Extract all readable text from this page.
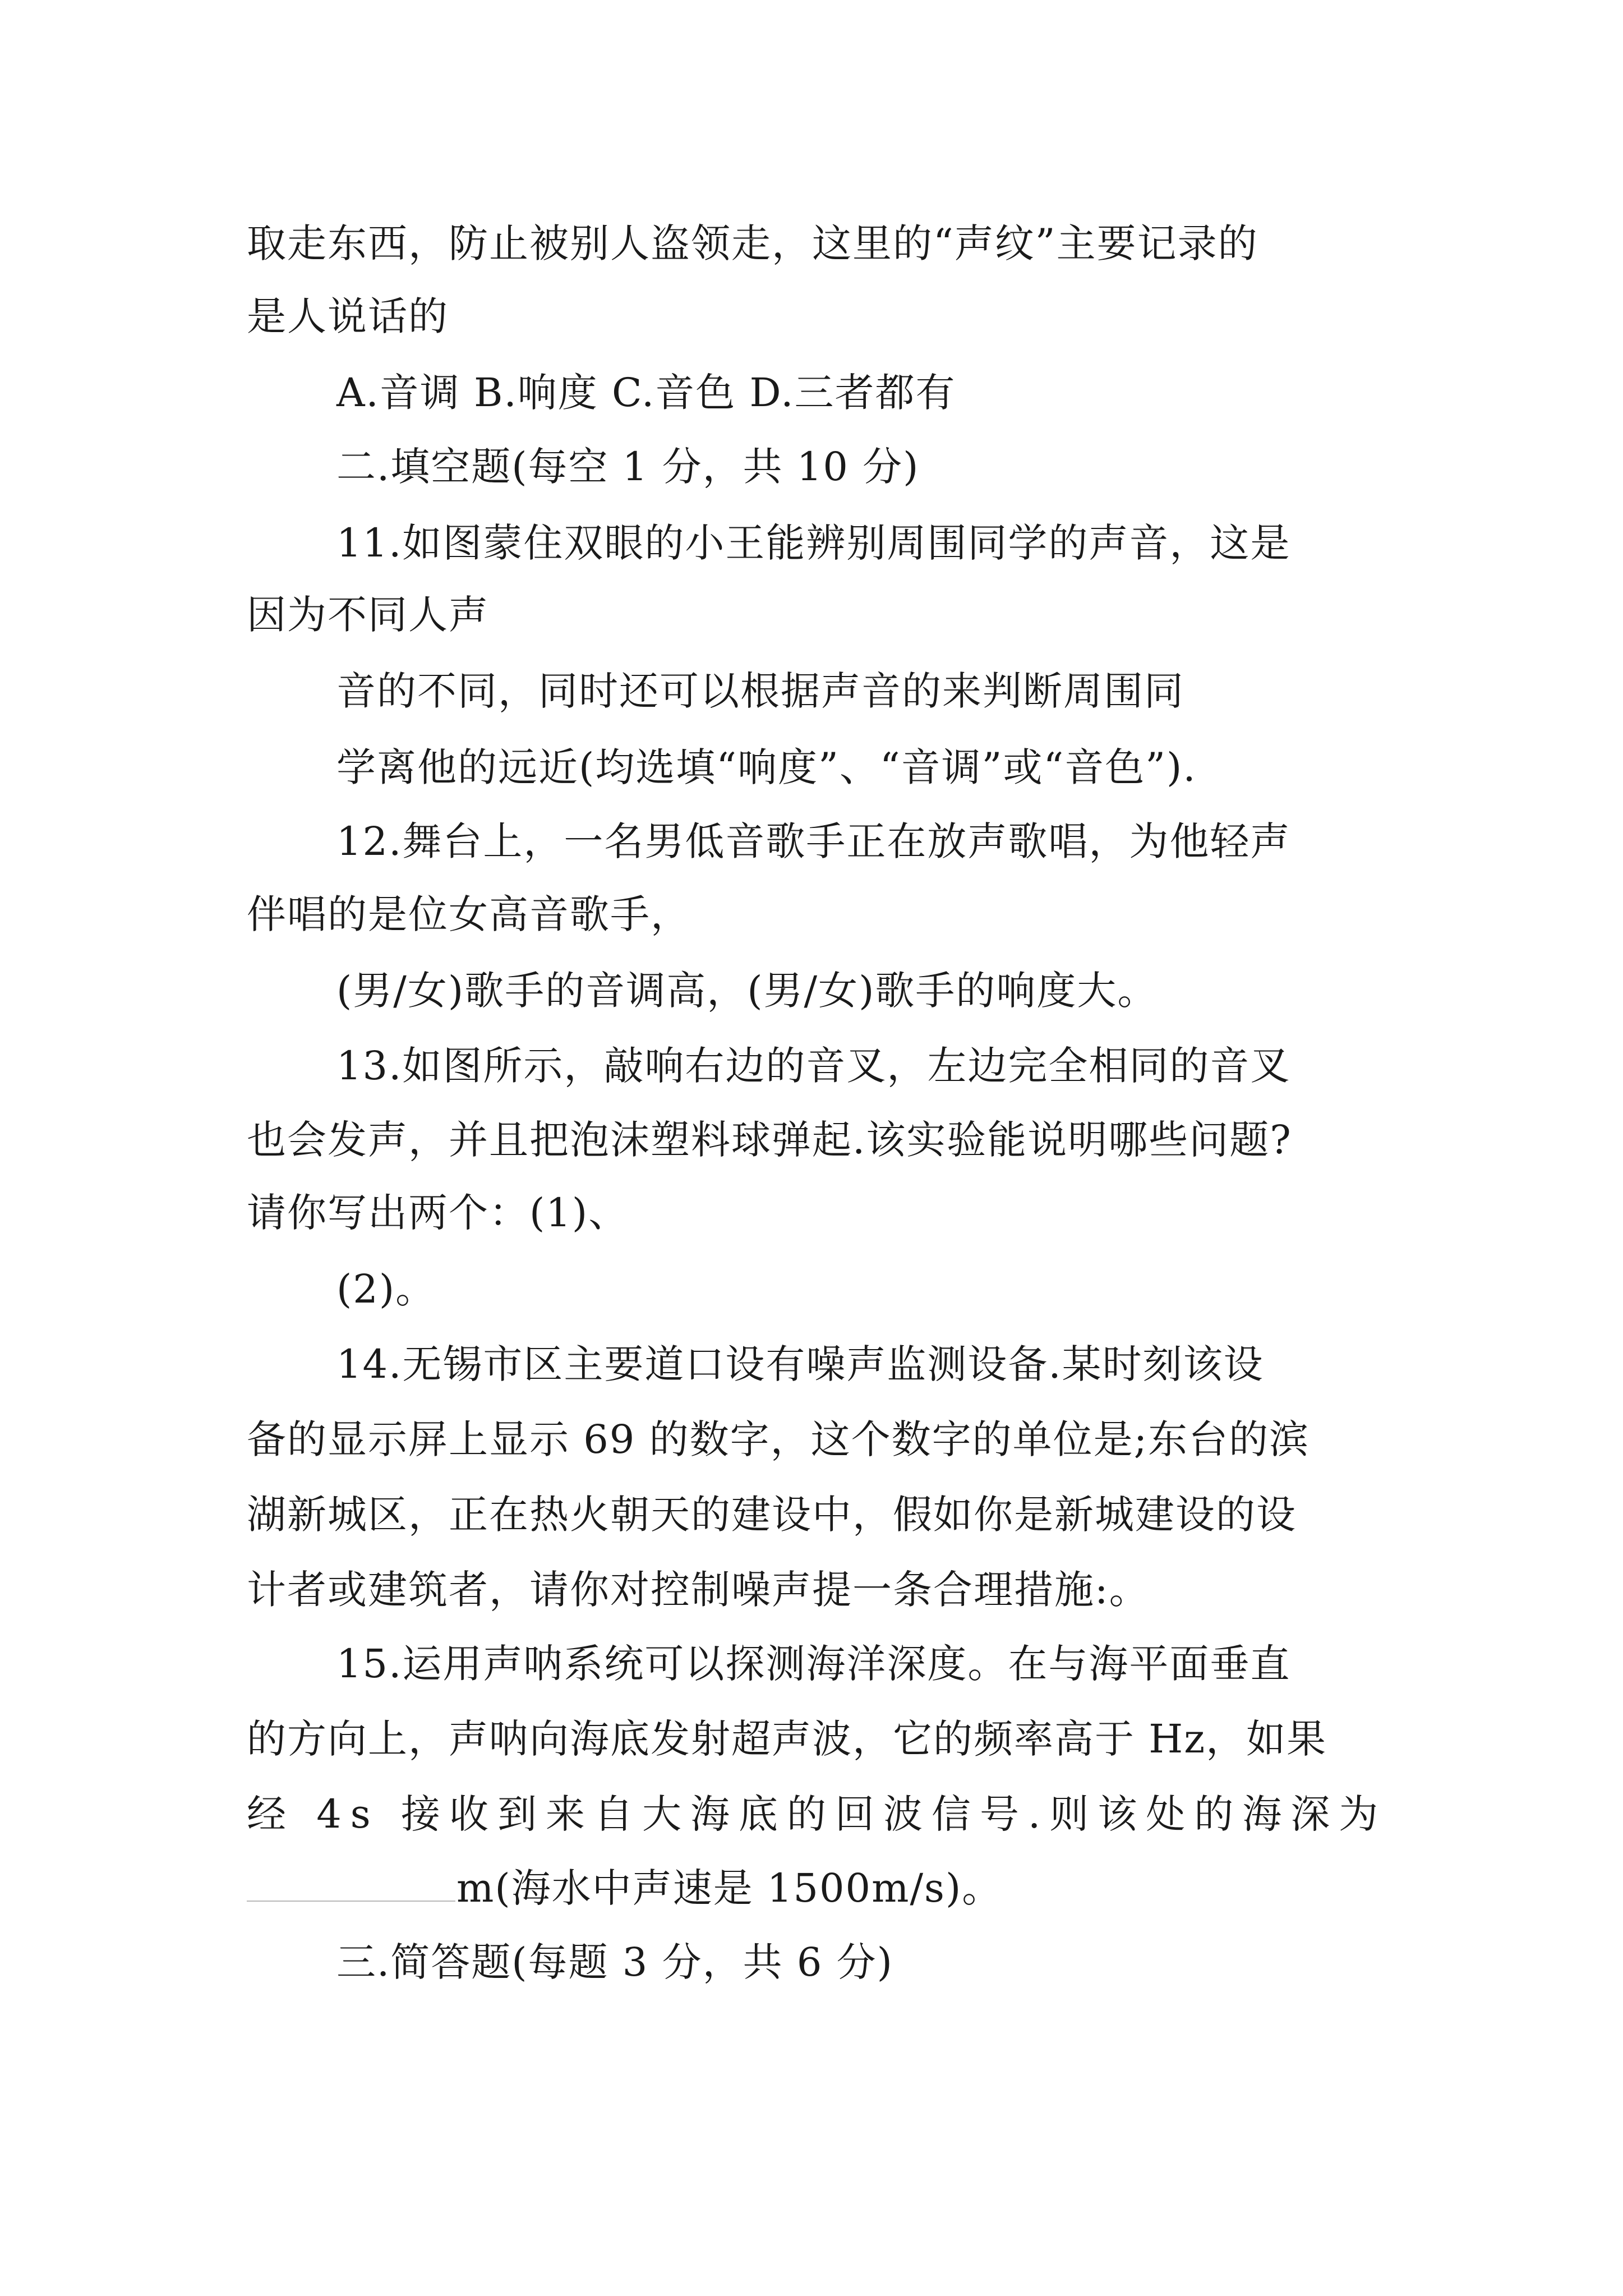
取走东西，防止被别人盗领走，这里的“声纹”主要记录的
是人说话的
A.音调 B.响度 C.音色 D.三者都有
二.填空题(每空 1 分，共 10 分)
11.如图蒙住双眼的小王能辨别周围同学的声音，这是
因为不同人声
音的不同，同时还可以根据声音的来判断周围同
学离他的远近(均选填“响度”、“音调”或“音色”).
12.舞台上，一名男低音歌手正在放声歌唱，为他轻声
伴唱的是位女高音歌手，
(男/女)歌手的音调高，(男/女)歌手的响度大。
13.如图所示，敲响右边的音叉，左边完全相同的音叉
也会发声，并且把泡沫塑料球弹起.该实验能说明哪些问题?
请你写出两个：(1)、
(2)。
14.无锡市区主要道口设有噪声监测设备.某时刻该设
备的显示屏上显示 69 的数字，这个数字的单位是;东台的滨
湖新城区，正在热火朝天的建设中，假如你是新城建设的设
计者或建筑者，请你对控制噪声提一条合理措施:。
15.运用声呐系统可以探测海洋深度。在与海平面垂直
的方向上，声呐向海底发射超声波，它的频率高于 Hz，如果
经 4s 接收到来自大海底的回波信号.则该处的海深为
m(海水中声速是 1500m/s)。
三.简答题(每题 3 分，共 6 分)
